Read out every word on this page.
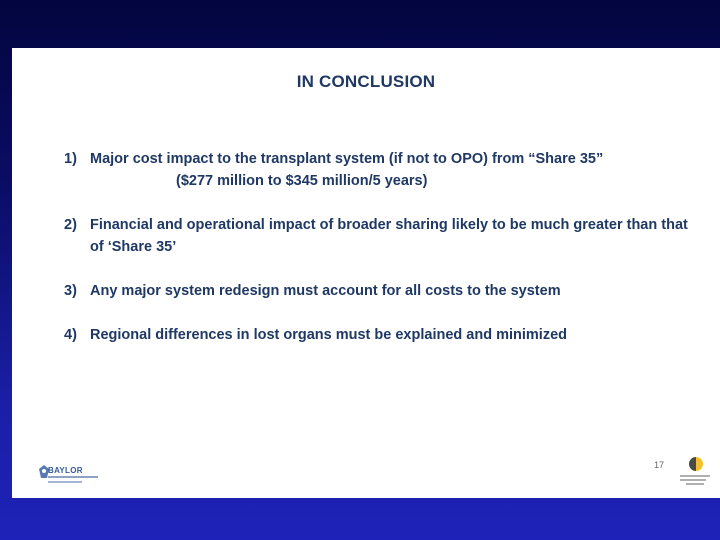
IN CONCLUSION
1) Major cost impact to the transplant system (if not to OPO) from “Share 35”
($277 million to $345 million/5 years)
2) Financial and operational impact of broader sharing likely to be much greater than that of ‘Share 35’
3) Any major system redesign must account for all costs to the system
4) Regional differences in lost organs must be explained and minimized
BAYLOR
17
